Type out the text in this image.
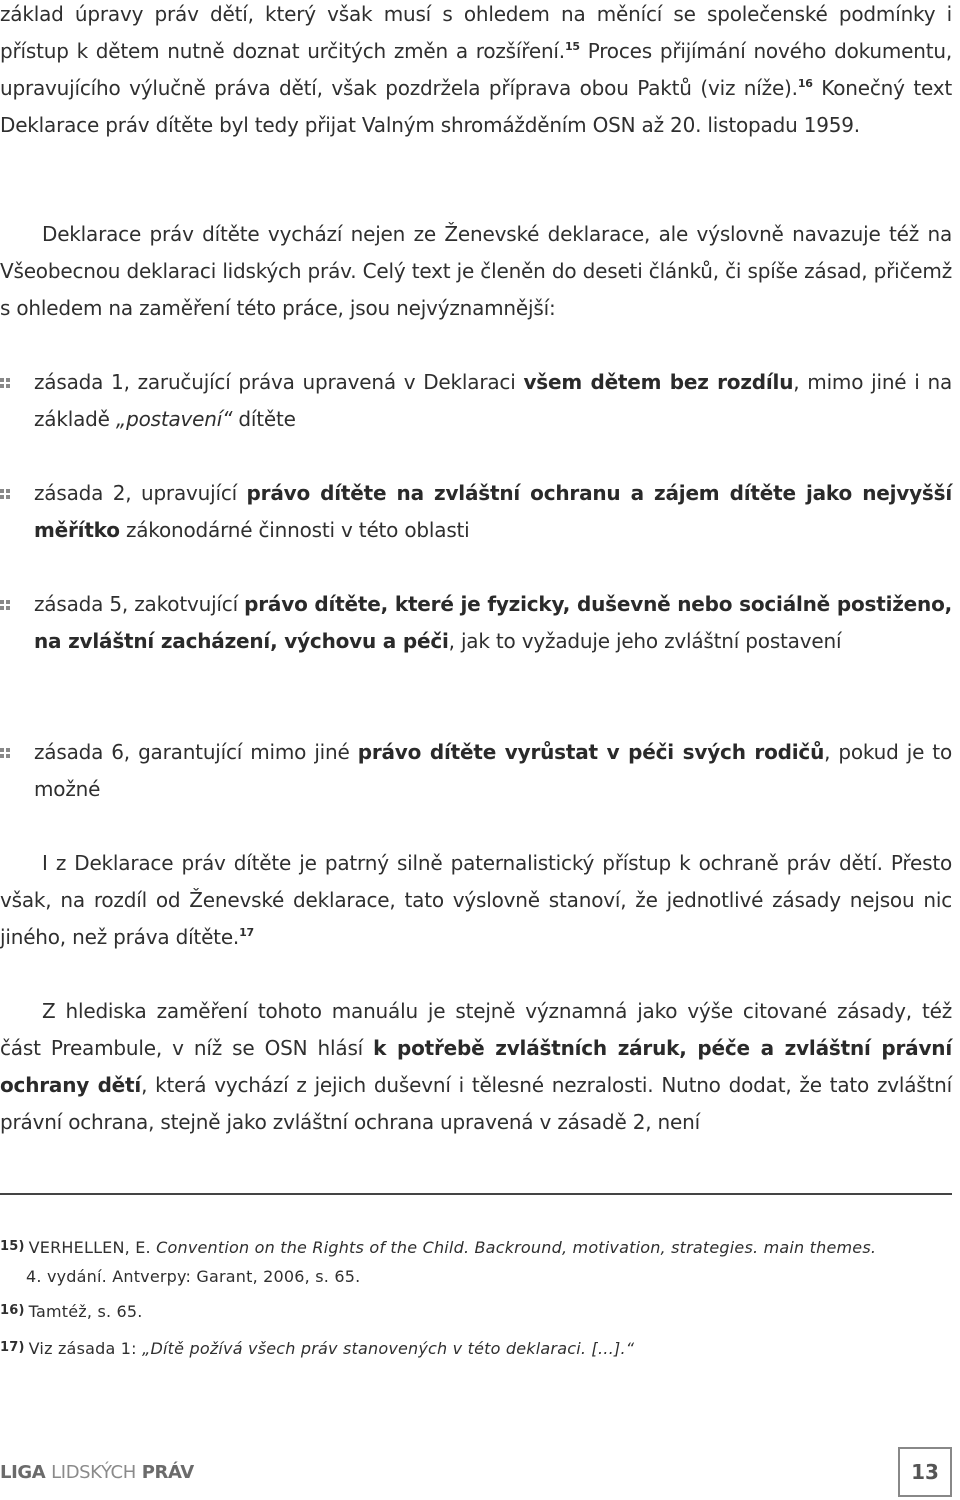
základ úpravy práv dětí, který však musí s ohledem na měnící se společenské podmínky i přístup k dětem nutně doznat určitých změn a rozšíření.$^{15}$ Proces přijímání nového dokumentu, upravujícího výlučně práva dětí, však pozdržela příprava obou Paktů (viz níže).$^{16}$ Konečný text Deklarace práv dítěte byl tedy přijat Valným shromážděním OSN až 20. listopadu 1959.
Deklarace práv dítěte vychází nejen ze Ženevské deklarace, ale výslovně navazuje též na Všeobecnou deklaraci lidských práv. Celý text je členěn do deseti článků, či spíše zásad, přičemž s ohledem na zaměření této práce, jsou nejvýznamnější:
zásada 1, zaručující práva upravená v Deklaraci všem dětem bez rozdílu, mimo jiné i na základě „postavení“ dítěte
zásada 2, upravující právo dítěte na zvláštní ochranu a zájem dítěte jako nejvyšší měřítko zákonodárné činnosti v této oblasti
zásada 5, zakotvující právo dítěte, které je fyzicky, duševně nebo sociálně postiženo, na zvláštní zacházení, výchovu a péči, jak to vyžaduje jeho zvláštní postavení
zásada 6, garantující mimo jiné právo dítěte vyrůstat v péči svých rodičů, pokud je to možné
I z Deklarace práv dítěte je patrný silně paternalistický přístup k ochraně práv dětí. Přesto však, na rozdíl od Ženevské deklarace, tato výslovně stanoví, že jednotlivé zásady nejsou nic jiného, než práva dítěte.$^{17}$
Z hlediska zaměření tohoto manuálu je stejně významná jako výše citované zásady, též část Preambule, v níž se OSN hlásí k potřebě zvláštních záruk, péče a zvláštní právní ochrany dětí, která vychází z jejich duševní i tělesné nezralosti. Nutno dodat, že tato zvláštní právní ochrana, stejně jako zvláštní ochrana upravená v zásadě 2, není
15) VERHELLEN, E. Convention on the Rights of the Child. Backround, motivation, strategies. main themes.
4. vydání. Antverpy: Garant, 2006, s. 65.
16) Tamtéž, s. 65.
17) Viz zásada 1: „Dítě požívá všech práv stanovených v této deklaraci. […].“
LIGA LIDSKÝCH PRÁV	13
